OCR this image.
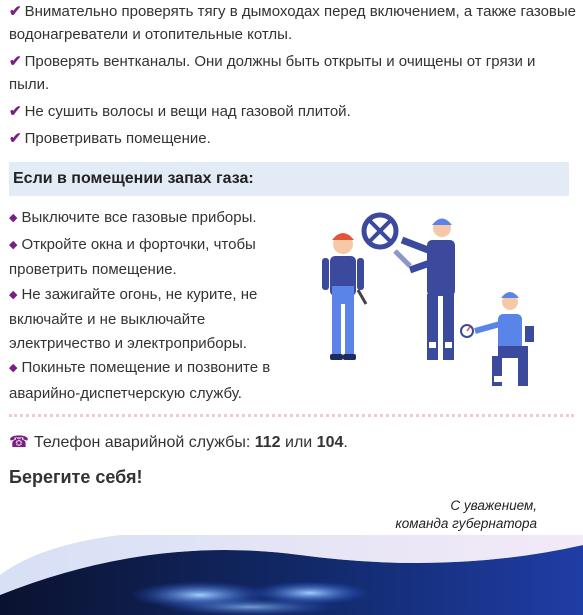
✔ Внимательно проверять тягу в дымоходах перед включением, а также газовые водонагреватели и отопительные котлы.
✔ Проверять вентканалы. Они должны быть открыты и очищены от грязи и пыли.
✔ Не сушить волосы и вещи над газовой плитой.
✔ Проветривать помещение.
Если в помещении запах газа:
◆ Выключите все газовые приборы.
◆ Откройте окна и форточки, чтобы проветрить помещение.
◆ Не зажигайте огонь, не курите, не включайте и не выключайте электричество и электроприборы.
◆ Покиньте помещение и позвоните в аварийно-диспетчерскую службу.
☎ Телефон аварийной службы: 112 или 104.
Берегите себя!
С уважением,
команда губернатора
